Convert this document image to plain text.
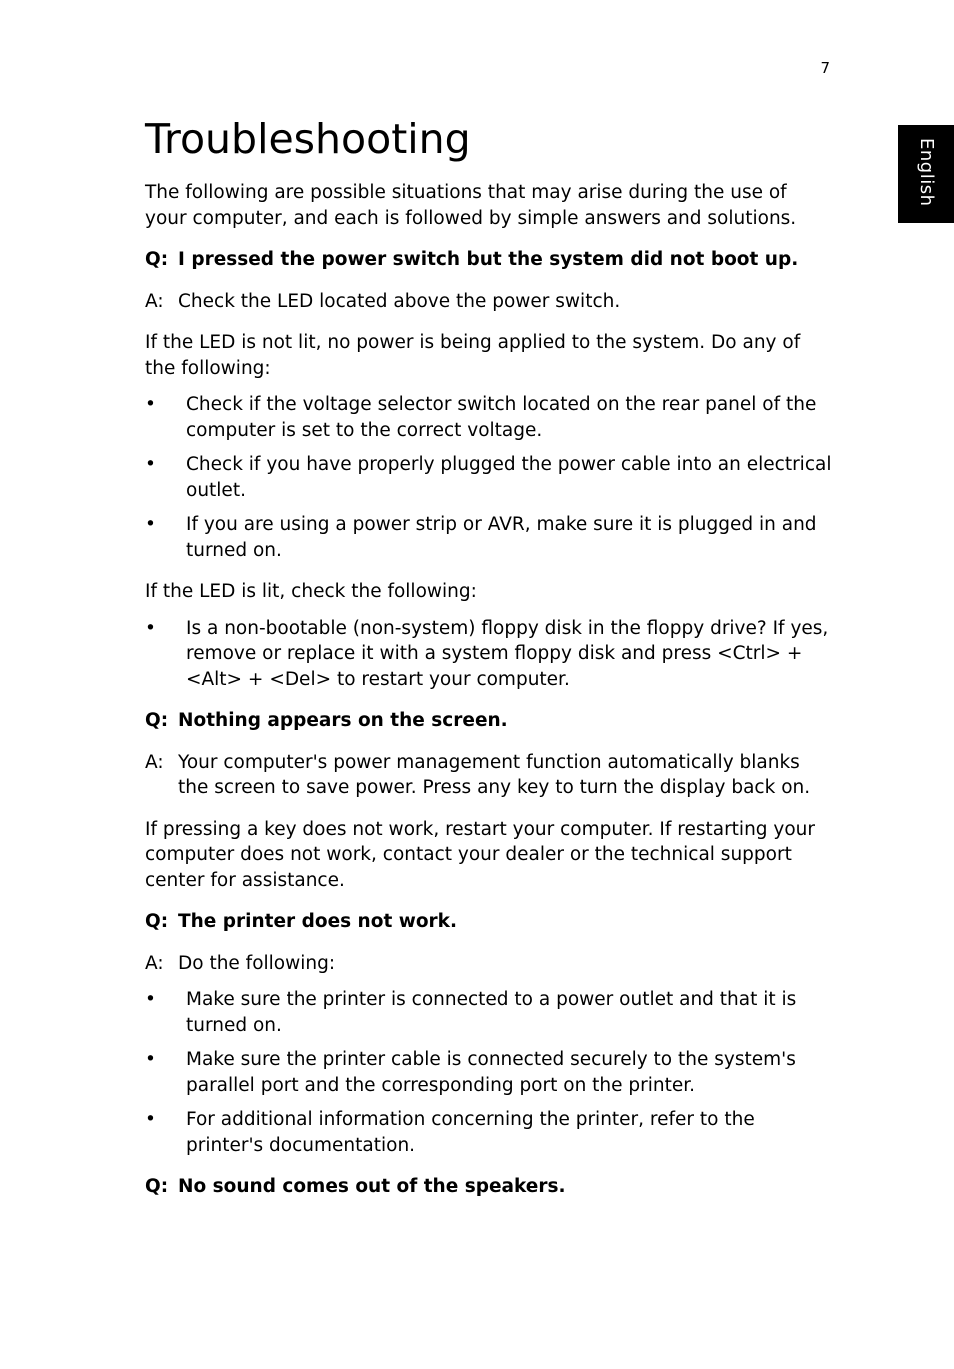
7
English
Troubleshooting

The following are possible situations that may arise during the use of your computer, and each is followed by simple answers and solutions.

Q: I pressed the power switch but the system did not boot up.
A: Check the LED located above the power switch.

If the LED is not lit, no power is being applied to the system. Do any of the following:

•	Check if the voltage selector switch located on the rear panel of the computer is set to the correct voltage.
•	Check if you have properly plugged the power cable into an electrical outlet.
•	If you are using a power strip or AVR, make sure it is plugged in and turned on.

If the LED is lit, check the following:

•	Is a non-bootable (non-system) floppy disk in the floppy drive? If yes, remove or replace it with a system floppy disk and press <Ctrl> + <Alt> + <Del> to restart your computer.
Q: Nothing appears on the screen.
A: Your computer's power management function automatically blanks the screen to save power. Press any key to turn the display back on.

If pressing a key does not work, restart your computer. If restarting your computer does not work, contact your dealer or the technical support center for assistance.

Q: The printer does not work.
A: Do the following:
•	Make sure the printer is connected to a power outlet and that it is turned on.
•	Make sure the printer cable is connected securely to the system's parallel port and the corresponding port on the printer.
•	For additional information concerning the printer, refer to the printer's documentation.
Q: No sound comes out of the speakers.
